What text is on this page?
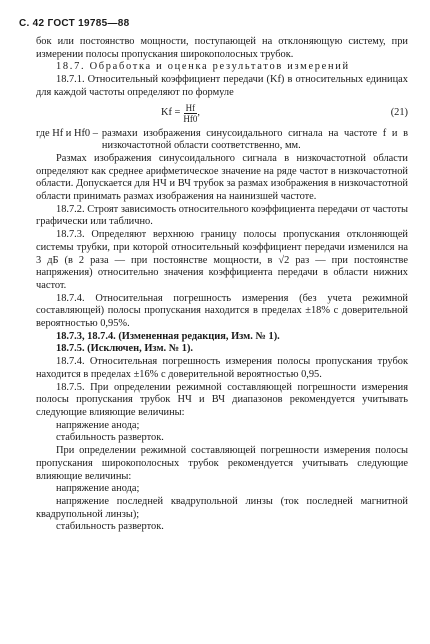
С. 42 ГОСТ 19785—88

бок или постоянство мощности, поступающей на отклоняющую систему, при измерении полосы пропускания широкополосных трубок.

18.7. Обработка и оценка результатов измерений

18.7.1. Относительный коэффициент передачи (Kf) в относительных единицах для каждой частоты определяют по формуле

$Kf = \frac{Hf}{Hf0}$ ,	(21)
где Hf и Hf0 – размахи изображения синусоидального сигнала на частоте f и в низкочастотной области соответственно, мм.

Размах изображения синусоидального сигнала в низкочастотной области определяют как среднее арифметическое значение на ряде частот в низкочастотной области. Допускается для НЧ и ВЧ трубок за размах изображения в низкочастотной области принимать размах изображения на наинизшей частоте.

18.7.2. Строят зависимость относительного коэффициента передачи от частоты графически или таблично.

18.7.3. Определяют верхнюю границу полосы пропускания отклоняющей системы трубки, при которой относительный коэффициент передачи изменился на 3 дБ (в 2 раза — при постоянстве мощности, в √2 раз — при постоянстве напряжения) относительно значения коэффициента передачи в области нижних частот.

18.7.4. Относительная погрешность измерения (без учета режимной составляющей) полосы пропускания находится в пределах ±18% с доверительной вероятностью 0,95%.

18.7.3, 18.7.4. (Измененная редакция, Изм. № 1).

18.7.5. (Исключен, Изм. № 1).

18.7.4. Относительная погрешность измерения полосы пропускания трубок находится в пределах ±16% с доверительной вероятностью 0,95.

18.7.5. При определении режимной составляющей погрешности измерения полосы пропускания трубок НЧ и ВЧ диапазонов рекомендуется учитывать следующие влияющие величины:

напряжение анода;

стабильность разверток.

При определении режимной составляющей погрешности измерения полосы пропускания широкополосных трубок рекомендуется учитывать следующие влияющие величины:

напряжение анода;

напряжение последней квадрупольной линзы (ток последней магнитной квадрупольной линзы);

стабильность разверток.
